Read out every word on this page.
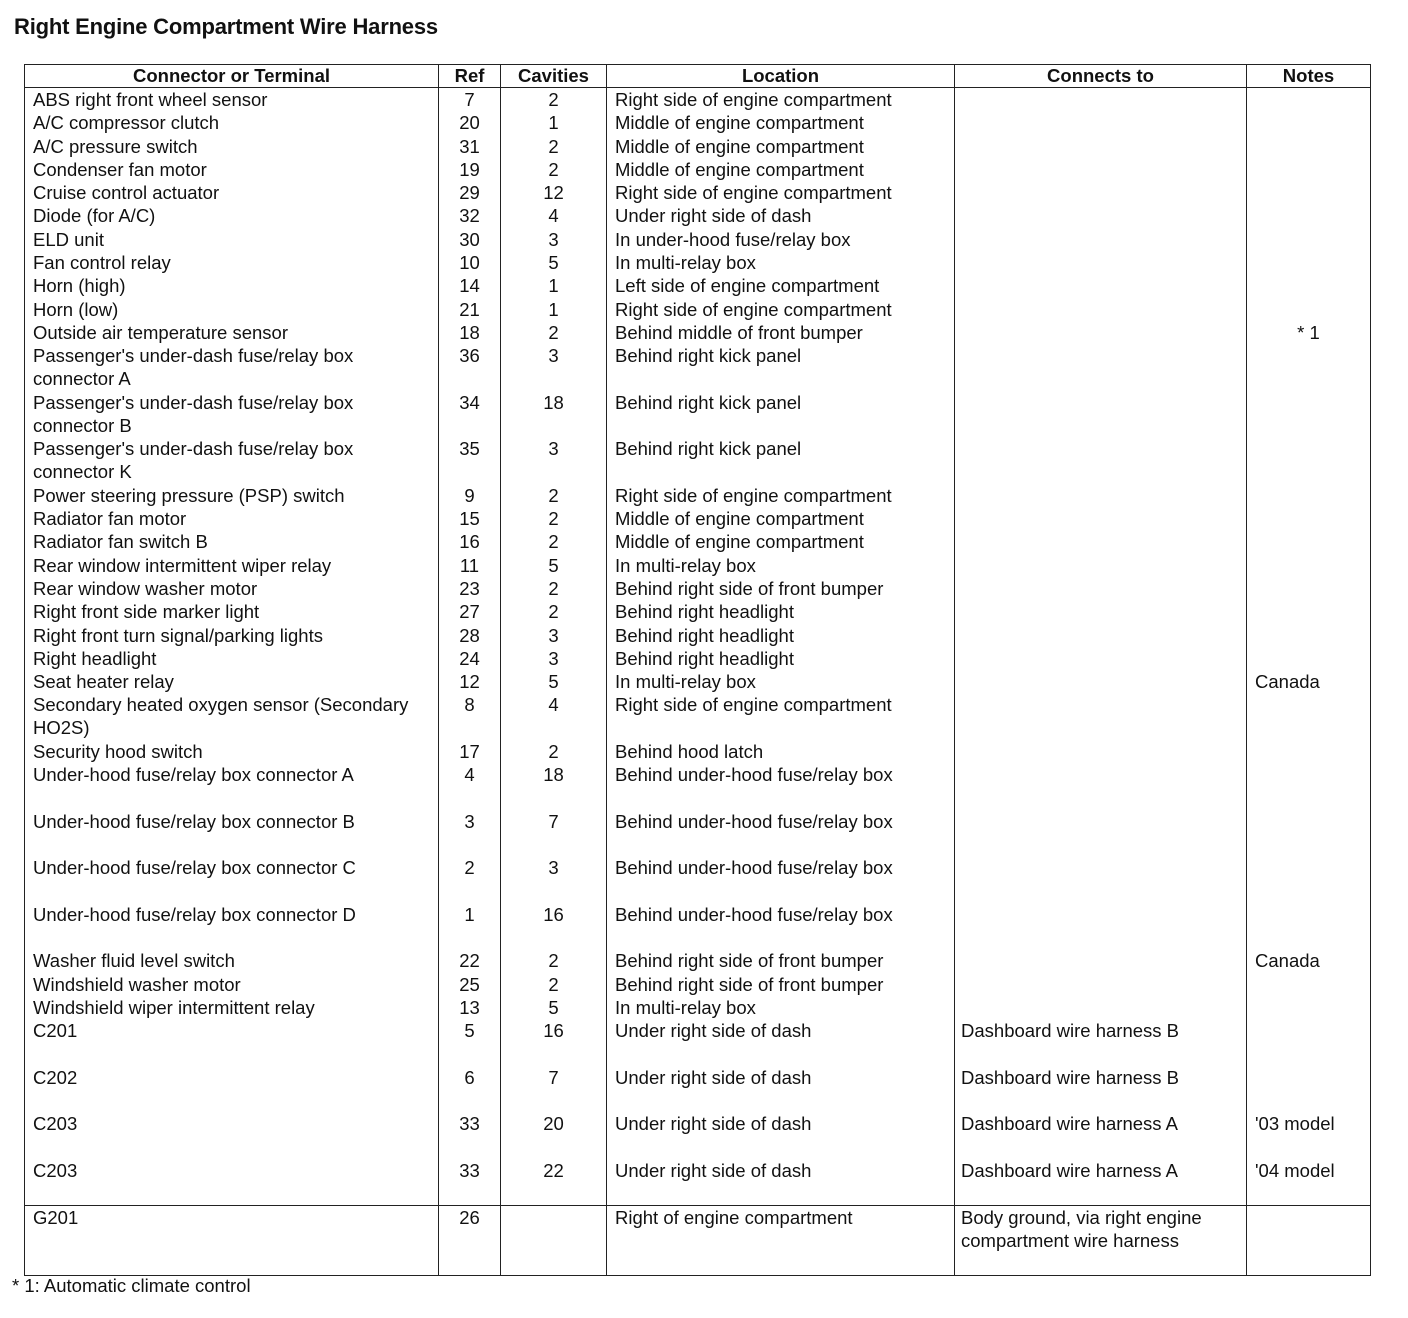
Right Engine Compartment Wire Harness
Connector or Terminal	Ref	Cavities	Location	Connects to	Notes

ABS right front wheel sensor	7	2	Right side of engine compartment	

A/C compressor clutch	20	1	Middle of engine compartment	

A/C pressure switch	31	2	Middle of engine compartment	

Condenser fan motor	19	2	Middle of engine compartment	

Cruise control actuator	29	12	Right side of engine compartment	

Diode (for A/C)	32	4	Under right side of dash	

ELD unit	30	3	In under-hood fuse/relay box	

Fan control relay	10	5	In multi-relay box	

Horn (high)	14	1	Left side of engine compartment	

Horn (low)	21	1	Right side of engine compartment	

Outside air temperature sensor	18	2	Behind middle of front bumper		* 1

Passenger's under-dash fuse/relay box connector A	36	3	Behind right kick panel	

Passenger's under-dash fuse/relay box connector B	34	18	Behind right kick panel	

Passenger's under-dash fuse/relay box connector K	35	3	Behind right kick panel	

Power steering pressure (PSP) switch	9	2	Right side of engine compartment	

Radiator fan motor	15	2	Middle of engine compartment	

Radiator fan switch B	16	2	Middle of engine compartment	

Rear window intermittent wiper relay	11	5	In multi-relay box	

Rear window washer motor	23	2	Behind right side of front bumper	

Right front side marker light	27	2	Behind right headlight	

Right front turn signal/parking lights	28	3	Behind right headlight	

Right headlight	24	3	Behind right headlight	

Seat heater relay	12	5	In multi-relay box		Canada

Secondary heated oxygen sensor (Secondary HO2S)	8	4	Right side of engine compartment	

Security hood switch	17	2	Behind hood latch	

Under-hood fuse/relay box connector A	4	18	Behind under-hood fuse/relay box	

Under-hood fuse/relay box connector B	3	7	Behind under-hood fuse/relay box	

Under-hood fuse/relay box connector C	2	3	Behind under-hood fuse/relay box	

Under-hood fuse/relay box connector D	1	16	Behind under-hood fuse/relay box	

Washer fluid level switch	22	2	Behind right side of front bumper		Canada

Windshield washer motor	25	2	Behind right side of front bumper	

Windshield wiper intermittent relay	13	5	In multi-relay box	

C201	5	16	Under right side of dash	Dashboard wire harness B	

C202	6	7	Under right side of dash	Dashboard wire harness B	

C203	33	20	Under right side of dash	Dashboard wire harness A	'03 model

C203	33	22	Under right side of dash	Dashboard wire harness A	'04 model

G201	26		Right of engine compartment	Body ground, via right engine compartment wire harness	

* 1: Automatic climate control
